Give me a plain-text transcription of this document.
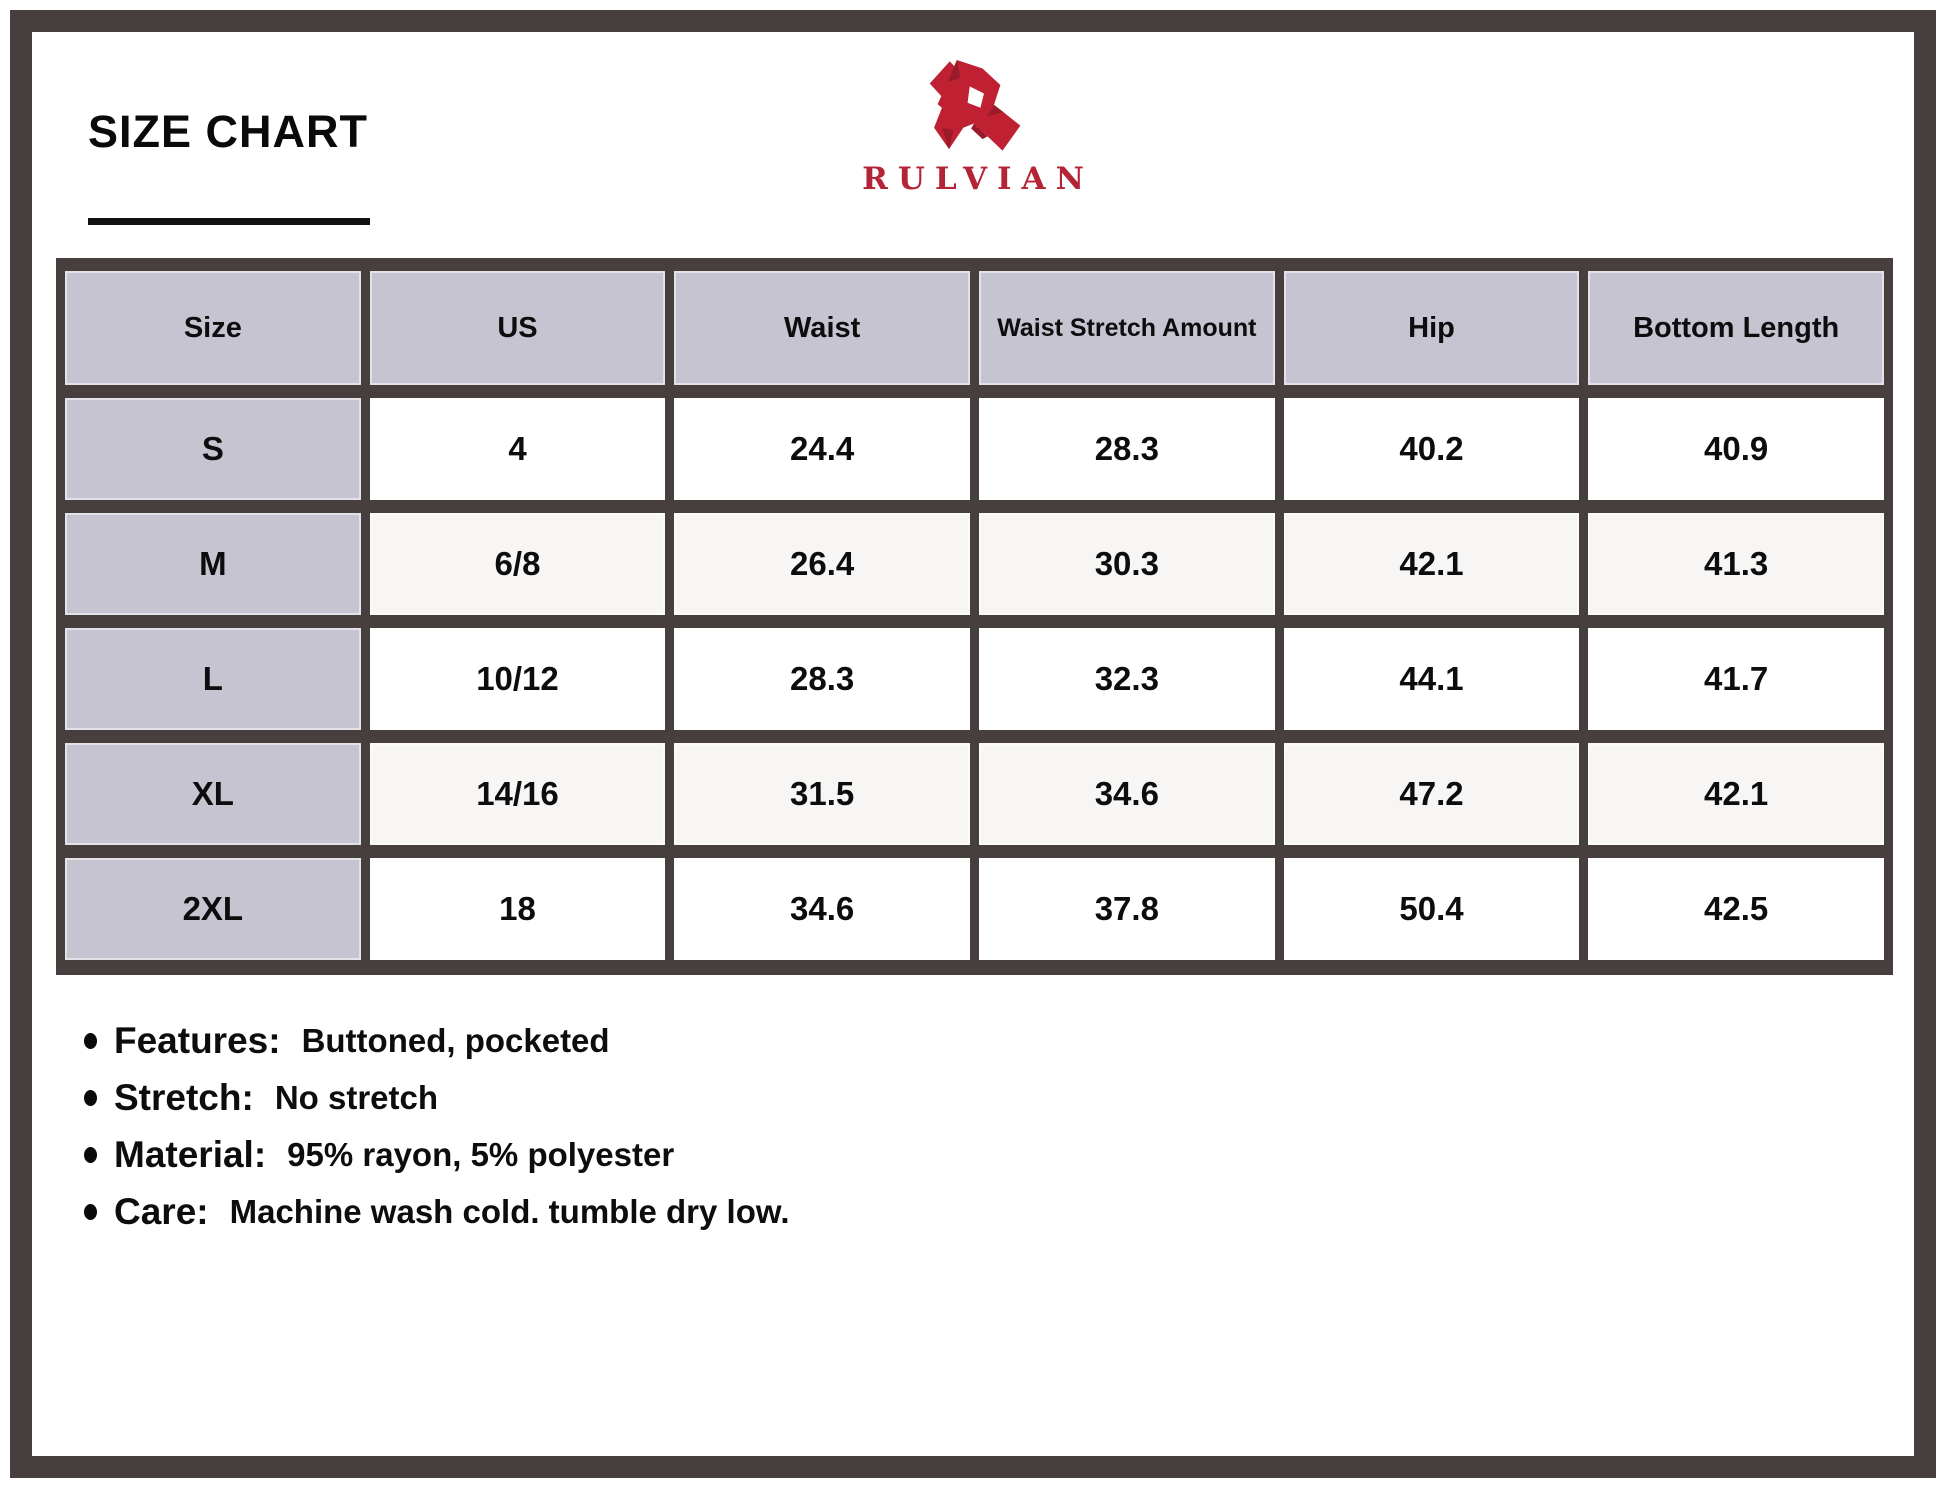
SIZE CHART
RULVIAN
Size	US	Waist	Waist Stretch Amount	Hip	Bottom Length
S	4	24.4	28.3	40.2	40.9
M	6/8	26.4	30.3	42.1	41.3
L	10/12	28.3	32.3	44.1	41.7
XL	14/16	31.5	34.6	47.2	42.1
2XL	18	34.6	37.8	50.4	42.5
Features: Buttoned, pocketed
Stretch: No stretch
Material: 95% rayon, 5% polyester
Care: Machine wash cold. tumble dry low.
